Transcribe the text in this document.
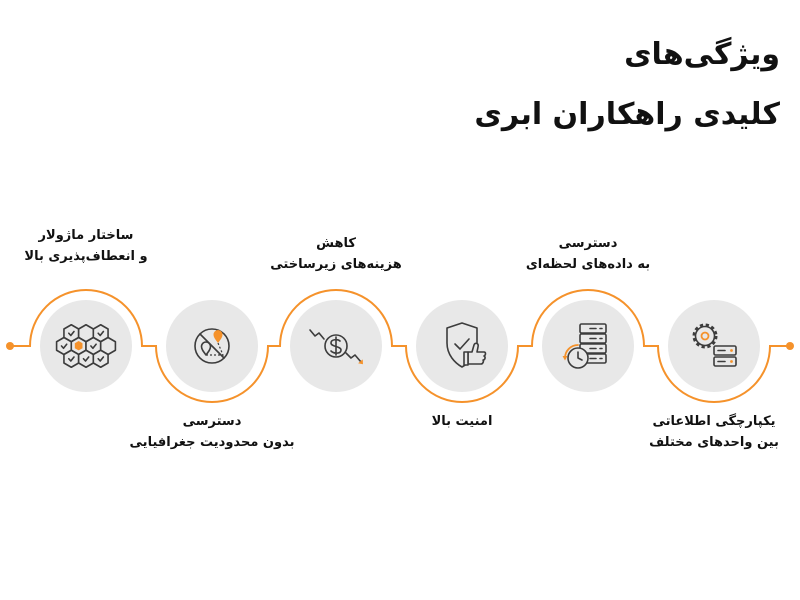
ویژگی‌های
کلیدی راهکاران ابری
یکپارچگی اطلاعاتی
بین واحدهای مختلف
دسترسی
به داده‌های لحظه‌ای
امنیت بالا
کاهش
هزینه‌های زیرساختی
دسترسی
بدون محدودیت جغرافیایی
ساختار ماژولار
و انعطاف‌پذیری بالا
